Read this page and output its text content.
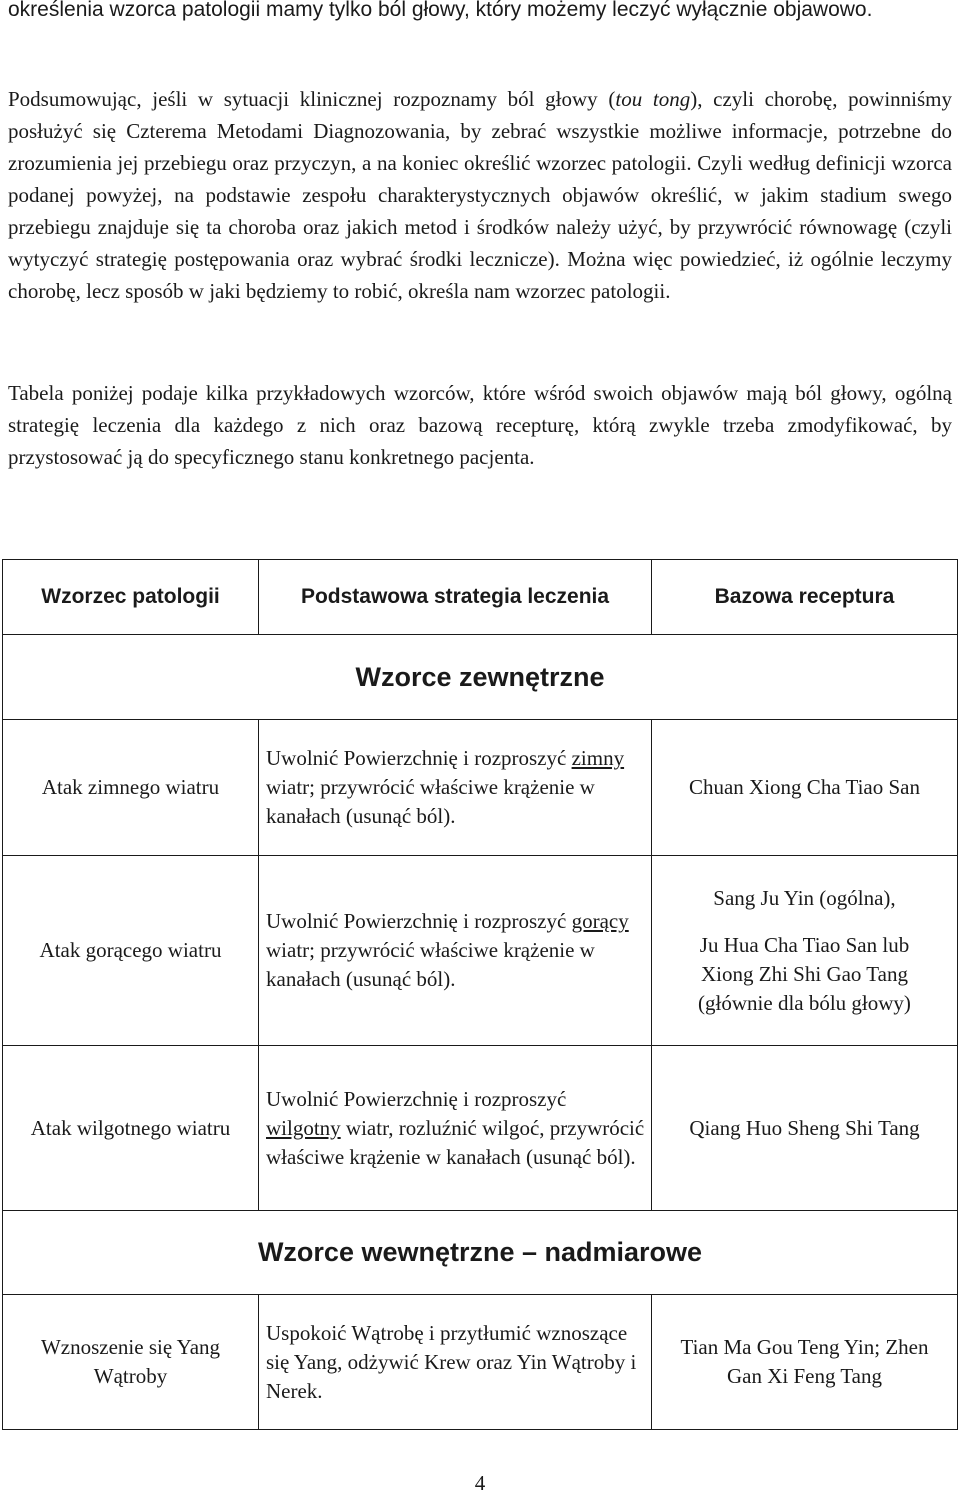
określenia wzorca patologii mamy tylko ból głowy, który możemy leczyć wyłącznie objawowo.

Podsumowując, jeśli w sytuacji klinicznej rozpoznamy ból głowy (tou tong), czyli chorobę, powinniśmy posłużyć się Czterema Metodami Diagnozowania, by zebrać wszystkie możliwe informacje, potrzebne do zrozumienia jej przebiegu oraz przyczyn, a na koniec określić wzorzec patologii. Czyli według definicji wzorca podanej powyżej, na podstawie zespołu charakterystycznych objawów określić, w jakim stadium swego przebiegu znajduje się ta choroba oraz jakich metod i środków należy użyć, by przywrócić równowagę (czyli wytyczyć strategię postępowania oraz wybrać środki lecznicze). Można więc powiedzieć, iż ogólnie leczymy chorobę, lecz sposób w jaki będziemy to robić, określa nam wzorzec patologii.

Tabela poniżej podaje kilka przykładowych wzorców, które wśród swoich objawów mają ból głowy, ogólną strategię leczenia dla każdego z nich oraz bazową recepturę, którą zwykle trzeba zmodyfikować, by przystosować ją do specyficznego stanu konkretnego pacjenta.

Wzorzec patologii	Podstawowa strategia leczenia	Bazowa receptura
Wzorce zewnętrzne
Atak zimnego wiatru
Uwolnić Powierzchnię i rozproszyć zimny wiatr; przywrócić właściwe krążenie w kanałach (usunąć ból).
Chuan Xiong Cha Tiao San
Atak gorącego wiatru
Uwolnić Powierzchnię i rozproszyć gorący wiatr; przywrócić właściwe krążenie w kanałach (usunąć ból).
Sang Ju Yin (ogólna),
Ju Hua Cha Tiao San lub Xiong Zhi Shi Gao Tang (głównie dla bólu głowy)
Atak wilgotnego wiatru
Uwolnić Powierzchnię i rozproszyć wilgotny wiatr, rozluźnić wilgoć, przywrócić właściwe krążenie w kanałach (usunąć ból).
Qiang Huo Sheng Shi Tang
Wzorce wewnętrzne – nadmiarowe
Wznoszenie się Yang Wątroby
Uspokoić Wątrobę i przytłumić wznoszące się Yang, odżywić Krew oraz Yin Wątroby i Nerek.
Tian Ma Gou Teng Yin; Zhen Gan Xi Feng Tang
4
